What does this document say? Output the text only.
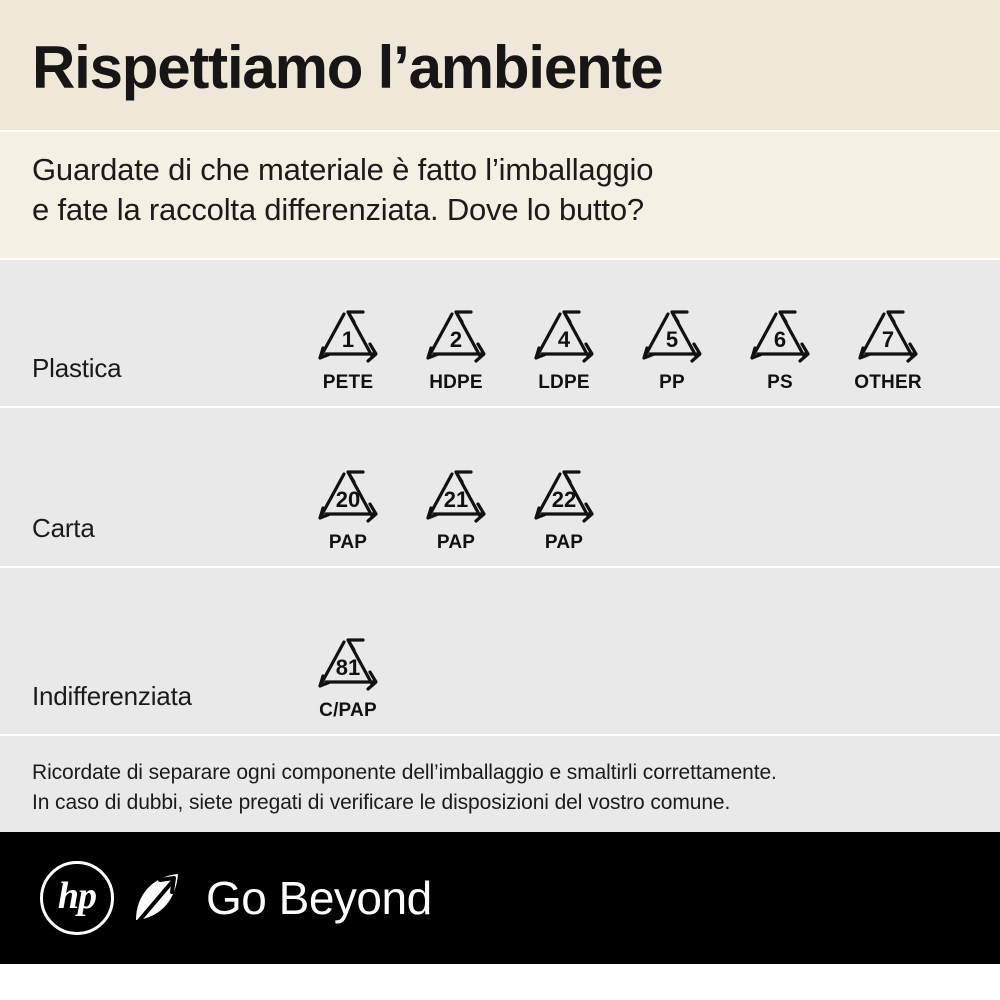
Rispettiamo l’ambiente
Guardate di che materiale è fatto l’imballaggio
e fate la raccolta differenziata. Dove lo butto?
Plastica
1
PETE
2
HDPE
4
LDPE
5
PP
6
PS
7
OTHER
Carta
20
PAP
21
PAP
22
PAP
Indifferenziata
81
C/PAP
Ricordate di separare ogni componente dell’imballaggio e smaltirli correttamente.
In caso di dubbi, siete pregati di verificare le disposizioni del vostro comune.
hp Go Beyond
